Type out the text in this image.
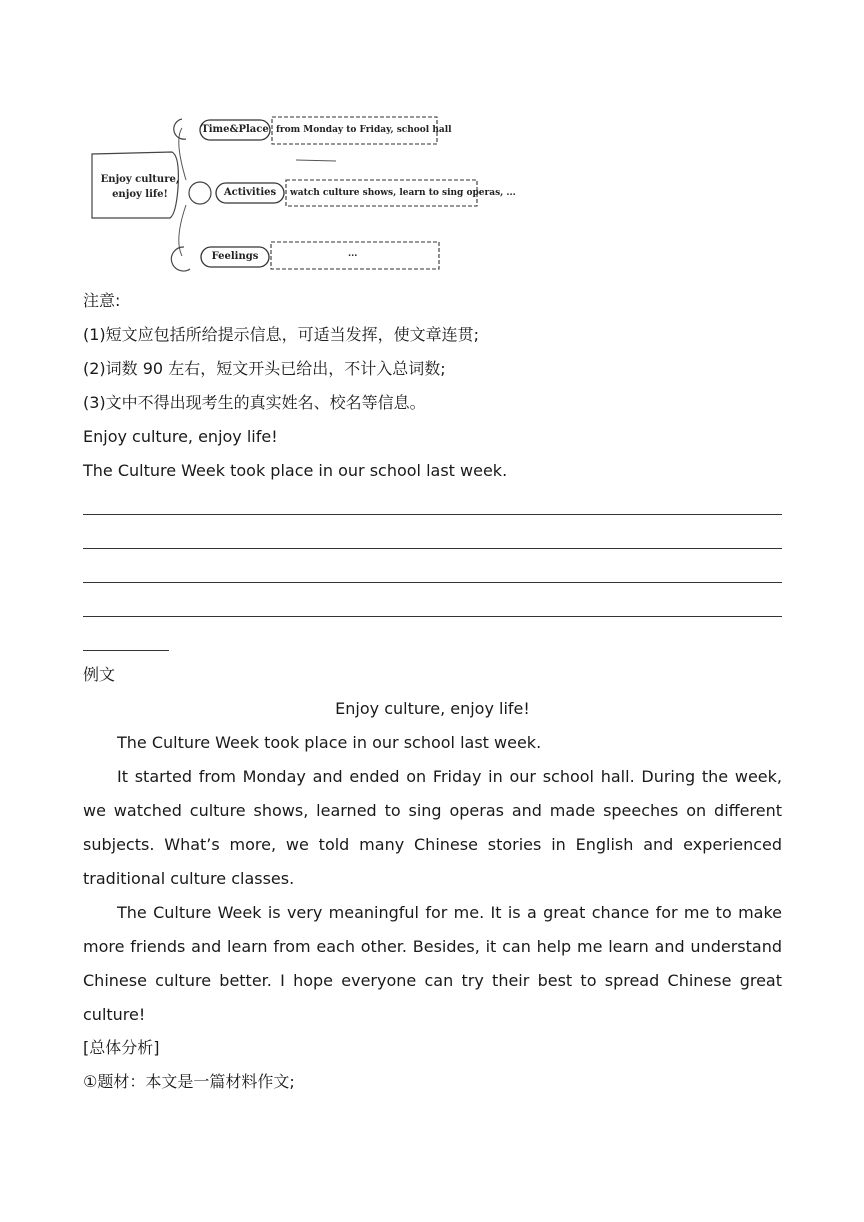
Enjoy culture, enjoy life!
Time&Place from Monday to Friday, school hall
Activities	watch culture shows, learn to sing operas, ...
Feelings	...
注意:
(1)短文应包括所给提示信息，可适当发挥，使文章连贯;
(2)词数 90 左右，短文开头已给出，不计入总词数;
(3)文中不得出现考生的真实姓名、校名等信息。
Enjoy culture, enjoy life!
The Culture Week took place in our school last week.
例文
Enjoy culture, enjoy life!
The Culture Week took place in our school last week.
It started from Monday and ended on Friday in our school hall. During the week, we watched culture shows, learned to sing operas and made speeches on different subjects. What’s more, we told many Chinese stories in English and experienced traditional culture classes.
The Culture Week is very meaningful for me. It is a great chance for me to make more friends and learn from each other. Besides, it can help me learn and understand Chinese culture better. I hope everyone can try their best to spread Chinese great culture!
[总体分析]
①题材：本文是一篇材料作文;
